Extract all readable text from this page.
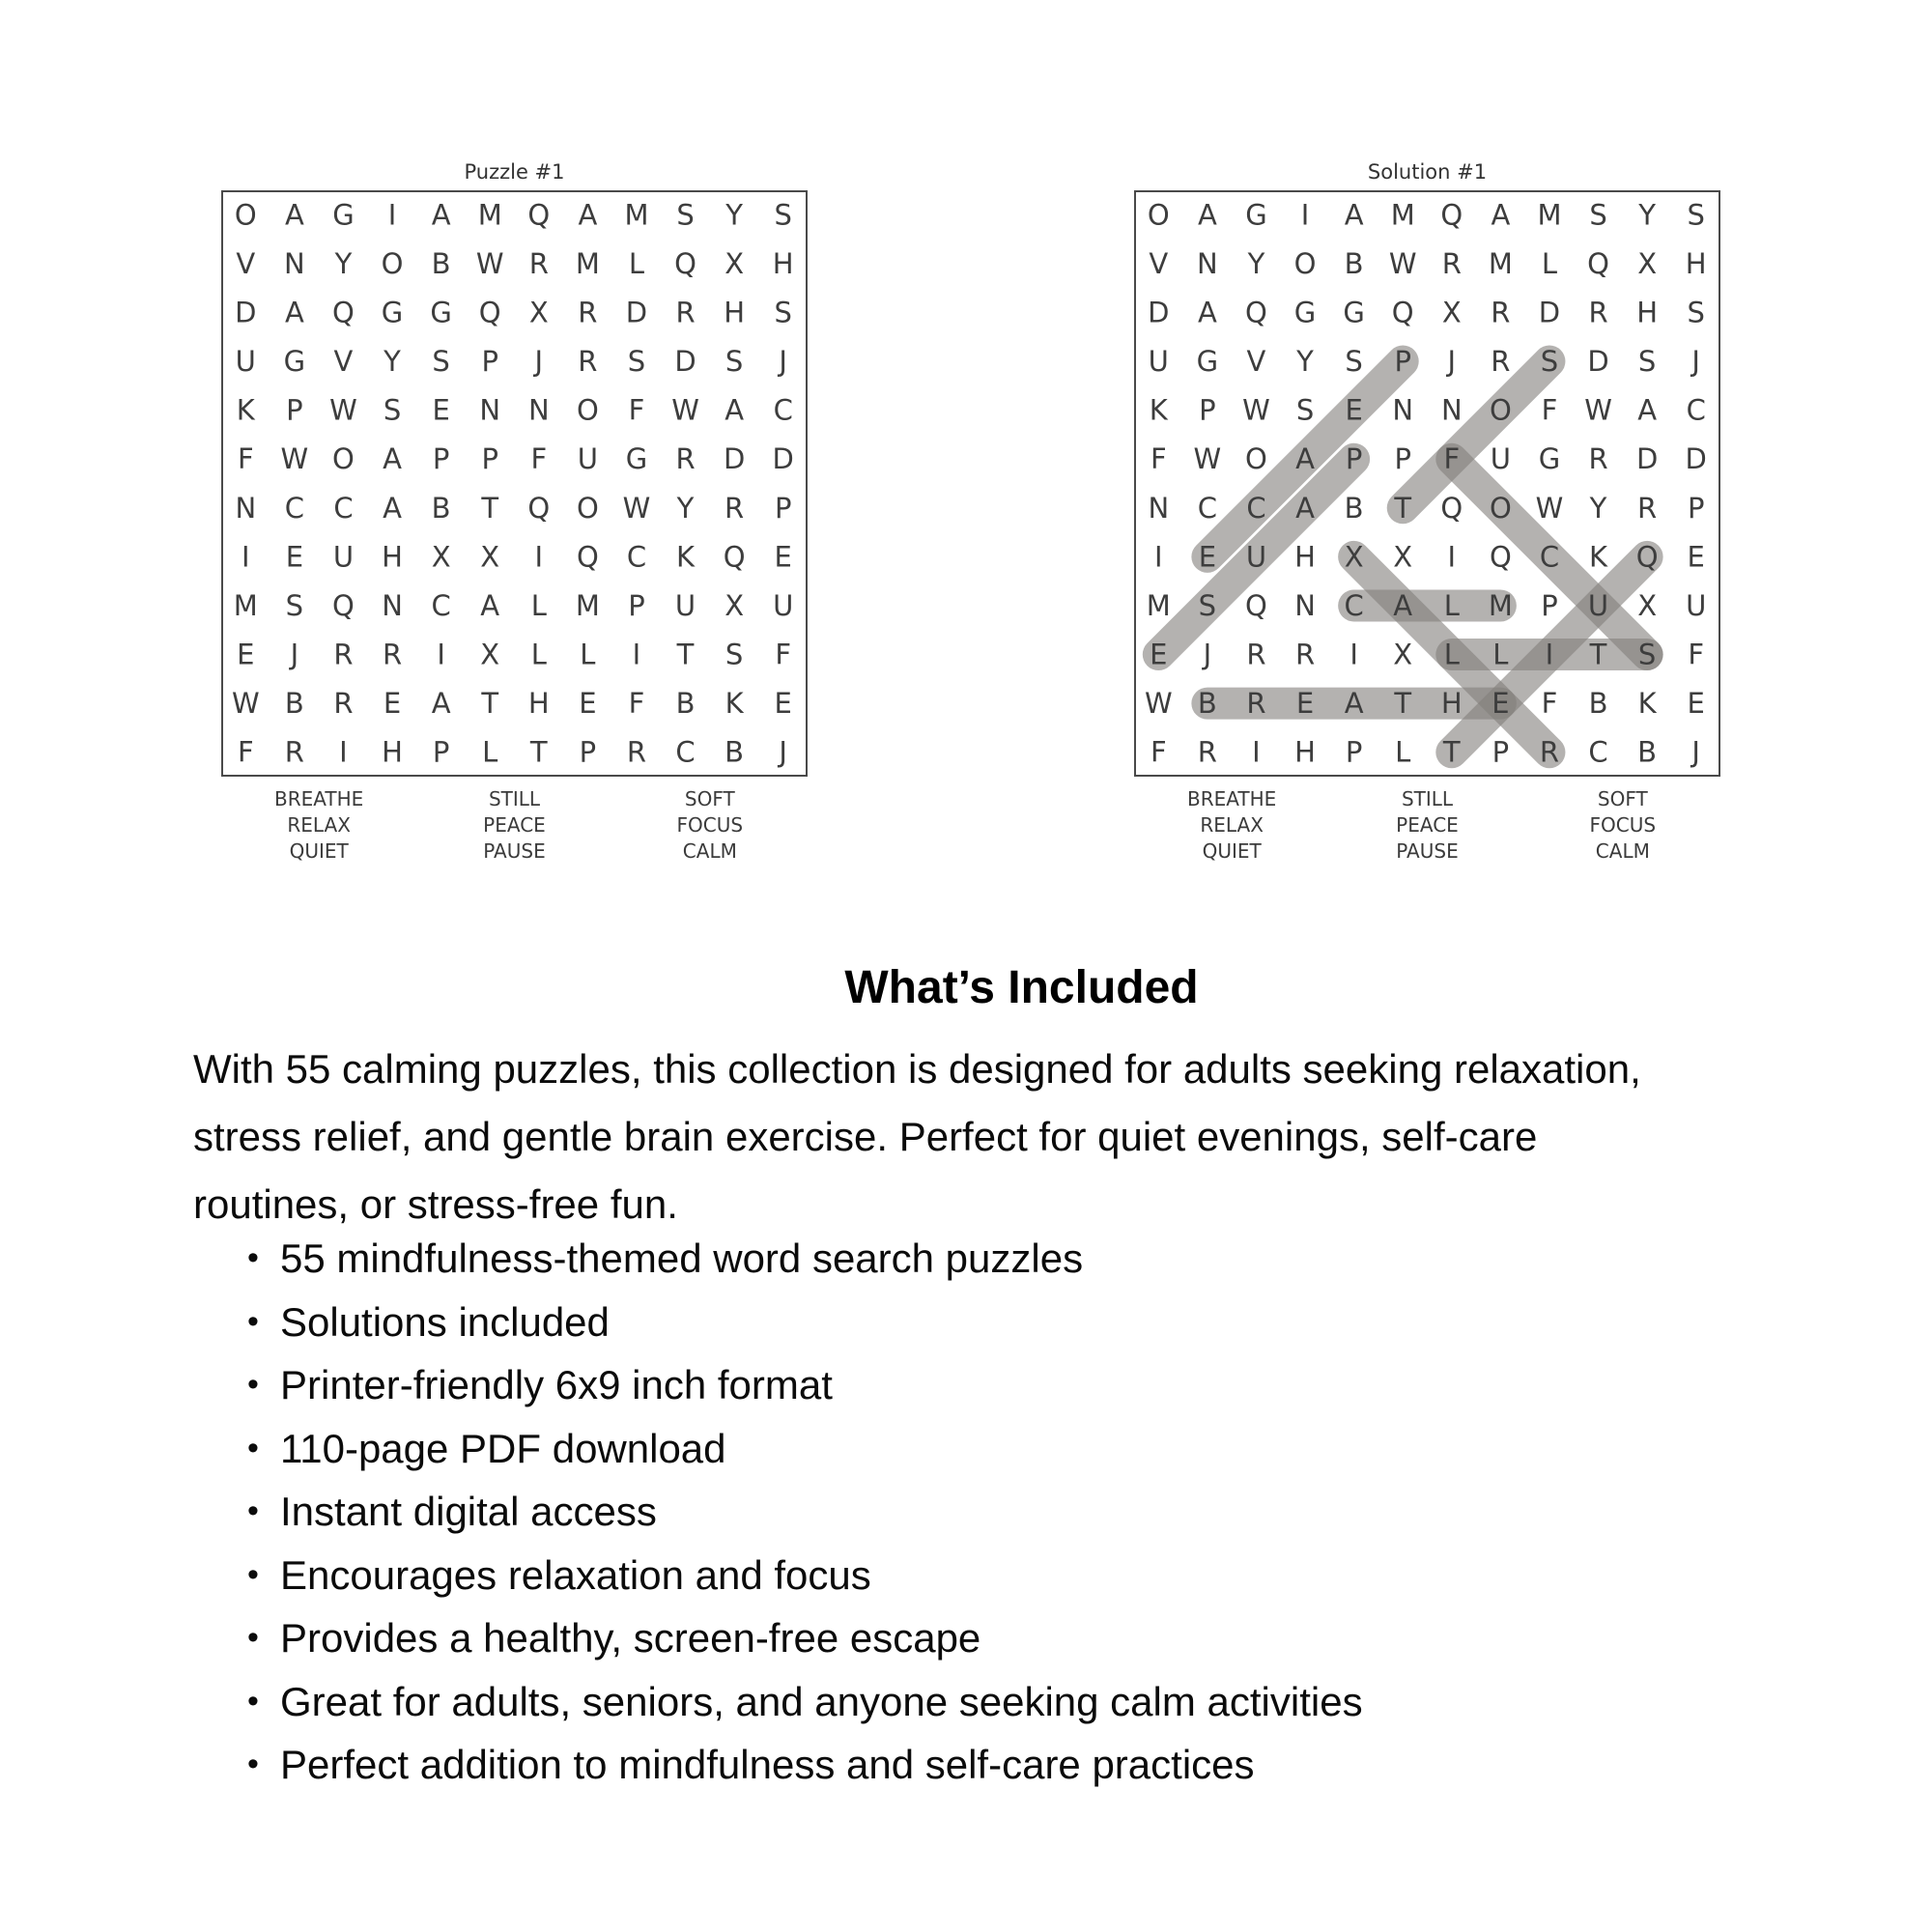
Puzzle #1
O A G I A M Q A M S Y S
V N Y O B W R M L Q X H
D A Q G G Q X R D R H S
U G V Y S P J R S D S J
K P W S E N N O F W A C
F W O A P P F U G R D D
N C C A B T Q O W Y R P
I E U H X X I Q C K Q E
M S Q N C A L M P U X U
E J R R I X L L I T S F
W B R E A T H E F B K E
F R I H P L T P R C B J
BREATHE
RELAX
QUIET
STILL
PEACE
PAUSE
SOFT
FOCUS
CALM
Solution #1
O A G I A M Q A M S Y S
V N Y O B W R M L Q X H
D A Q G G Q X R D R H S
U G V Y S P J R S D S J
K P W S E N N O F W A C
F W O A P P F U G R D D
N C C A B T Q O W Y R P
I E U H X X I Q C K Q E
M S Q N C A L M P U X U
E J R R I X L L I T S F
W B R E A T H E F B K E
F R I H P L T P R C B J
BREATHE
RELAX
QUIET
STILL
PEACE
PAUSE
SOFT
FOCUS
CALM
What’s Included
With 55 calming puzzles, this collection is designed for adults seeking relaxation,
stress relief, and gentle brain exercise. Perfect for quiet evenings, self-care
routines, or stress-free fun.
• 55 mindfulness-themed word search puzzles
• Solutions included
• Printer-friendly 6x9 inch format
• 110-page PDF download
• Instant digital access
• Encourages relaxation and focus
• Provides a healthy, screen-free escape
• Great for adults, seniors, and anyone seeking calm activities
• Perfect addition to mindfulness and self-care practices
